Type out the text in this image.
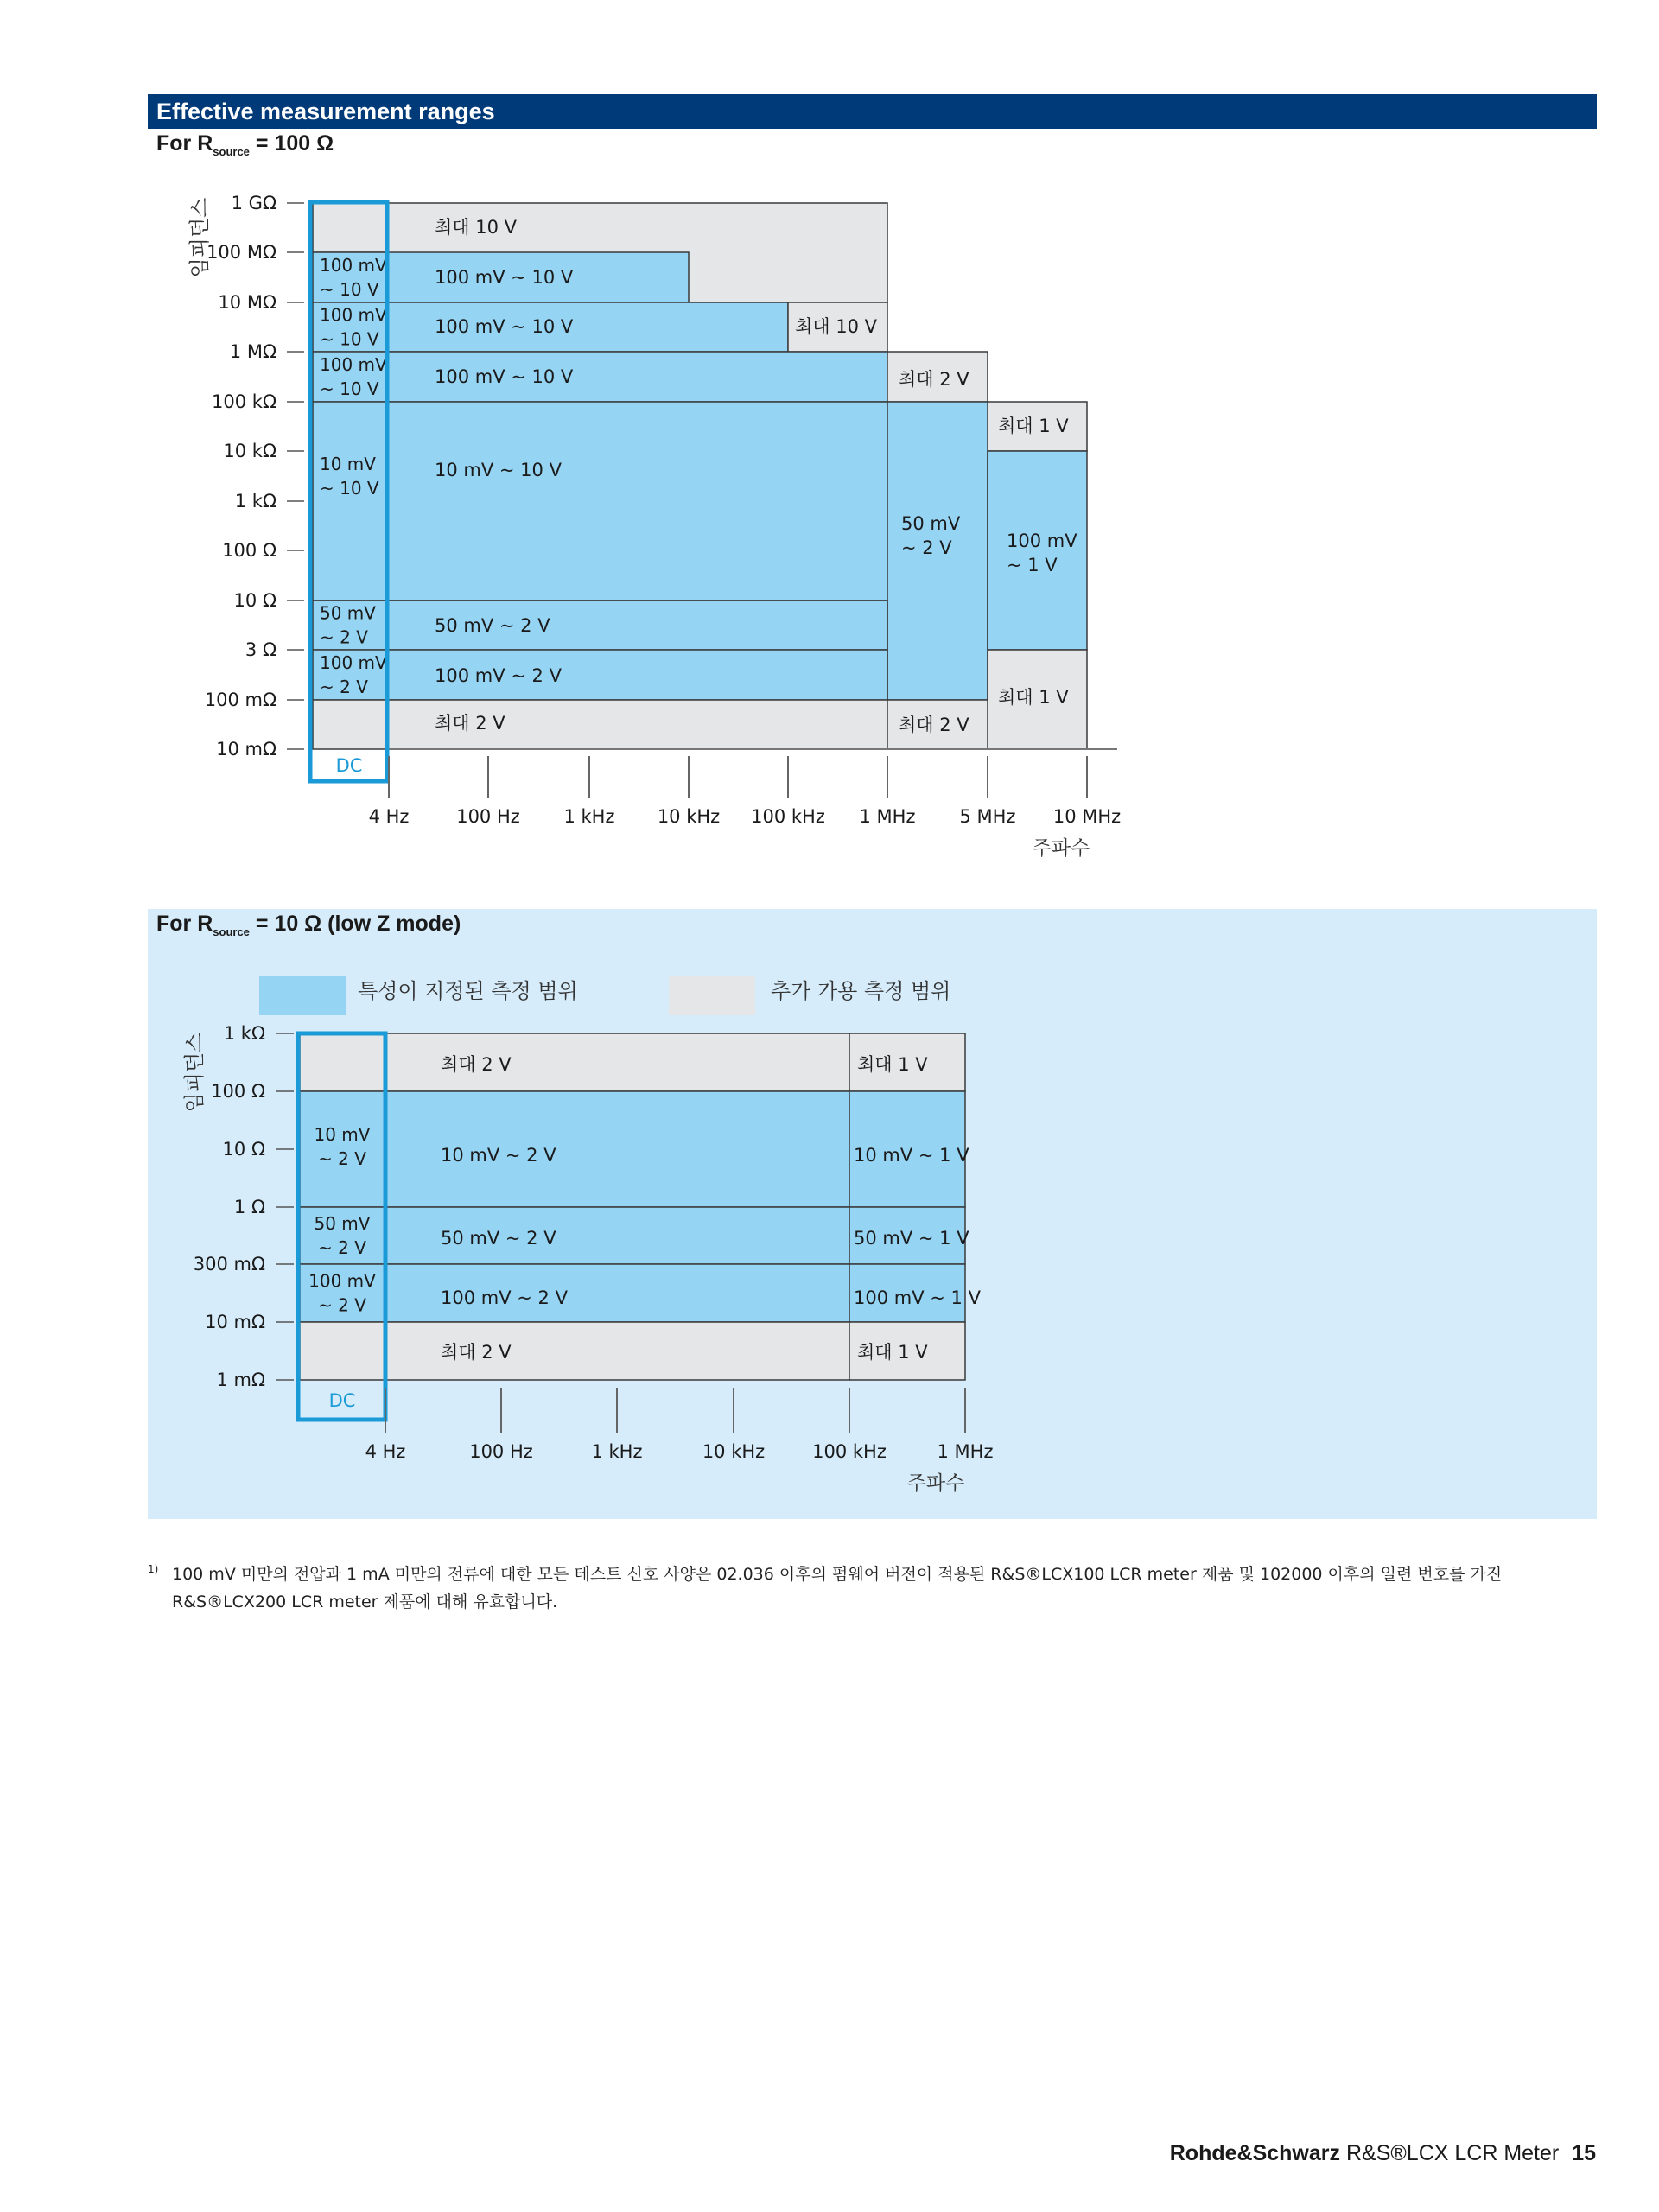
Effective measurement ranges
For $R_{source} = 100$ Ω
임피던스 1 GΩ
100 MΩ
10 MΩ
1 MΩ
100 kΩ
10 kΩ
1 kΩ
100 Ω
10 Ω
3 Ω
100 mΩ
10 mΩ
100 mV ~ 10 V
100 mV ~ 10 V
100 mV ~ 10 V
10 mV ~ 10 V
50 mV ~ 2 V
100 mV ~ 2 V
최대 10 V
100 mV ~ 10 V
100 mV ~ 10 V	최대 10 V
100 mV ~ 10 V	최대 2 V
10 mV ~ 10 V
최대 1 V
50 mV ~ 2 V	100 mV ~ 1 V
50 mV ~ 2 V
100 mV ~ 2 V
최대 1 V
최대 2 V	최대 2 V
DC
4 Hz	100 Hz 1 kHz 10 kHz 100 kHz 1 MHz 5 MHz 10 MHz
주파수
For $R_{source} = 10$ Ω (low Z mode)
특성이 지정된 측정 범위	추가 가용 측정 범위
임피던스 1 kΩ
100 Ω
10 Ω
1 Ω
300 mΩ
10 mΩ
1 mΩ
10 mV ~ 2 V
50 mV ~ 2 V
100 mV ~ 2 V
최대 2 V	최대 1 V
10 mV ~ 2 V	10 mV ~ 1 V
50 mV ~ 2 V	50 mV ~ 1 V
100 mV ~ 2 V	100 mV ~ 1 V
최대 2 V	최대 1 V
DC
4 Hz	100 Hz	1 kHz	10 kHz	100 kHz	1 MHz
주파수
1) 100 mV 미만의 전압과 1 mA 미만의 전류에 대한 모든 테스트 신호 사양은 02.036 이후의 펌웨어 버전이 적용된 R&S®LCX100 LCR meter 제품 및 102000 이후의 일련 번호를 가진 R&S®LCX200 LCR meter 제품에 대해 유효합니다.
Rohde&Schwarz R&S®LCX LCR Meter 15
